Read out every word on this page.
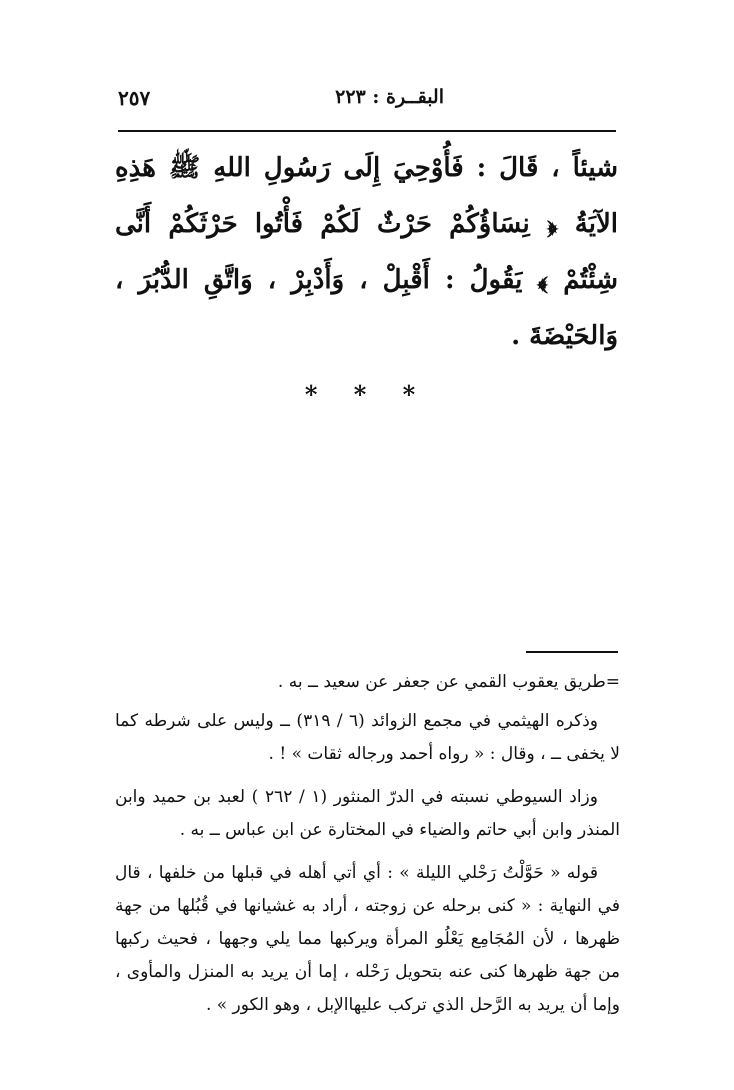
البقــرة : ٢٢٣
٢٥٧

شيئاً ، قَالَ : فَأُوْحِيَ إِلَى رَسُولِ اللهِ ﷺ هَذِهِ الآيَةُ ﴿ نِسَاؤُكُمْ حَرْثٌ لَكُمْ فَأْتُوا حَرْثَكُمْ أَنَّى شِئْتُمْ ﴾ يَقُولُ : أَقْبِلْ ، وَأَدْبِرْ ، وَاتَّقِ الدُّبُرَ ، وَالحَيْضَةَ .

* * *

=طريق يعقوب القمي عن جعفر عن سعيد ــ به .

وذكره الهيثمي في مجمع الزوائد (٦ / ٣١٩) ــ وليس على شرطه كما لا يخفى ــ ، وقال : « رواه أحمد ورجاله ثقات » ! .

وزاد السيوطي نسبته في الدرّ المنثور (١ / ٢٦٢ ) لعبد بن حميد وابن المنذر وابن أبي حاتم والضياء في المختارة عن ابن عباس ــ به .

قوله « حَوَّلْتُ رَحْلي الليلة » : أي أتي أهله في قبلها من خلفها ، قال في النهاية : « كنى برحله عن زوجته ، أراد به غشيانها في قُبُلها من جهة ظهرها ، لأن المُجَامِع يَعْلُو المرأة ويركبها مما يلي وجهها ، فحيث ركبها من جهة ظهرها كنى عنه بتحويل رَحْله ، إما أن يريد به المنزل والمأوى ، وإما أن يريد به الرَّحل الذي تركب عليهاالإبل ، وهو الكور » .
